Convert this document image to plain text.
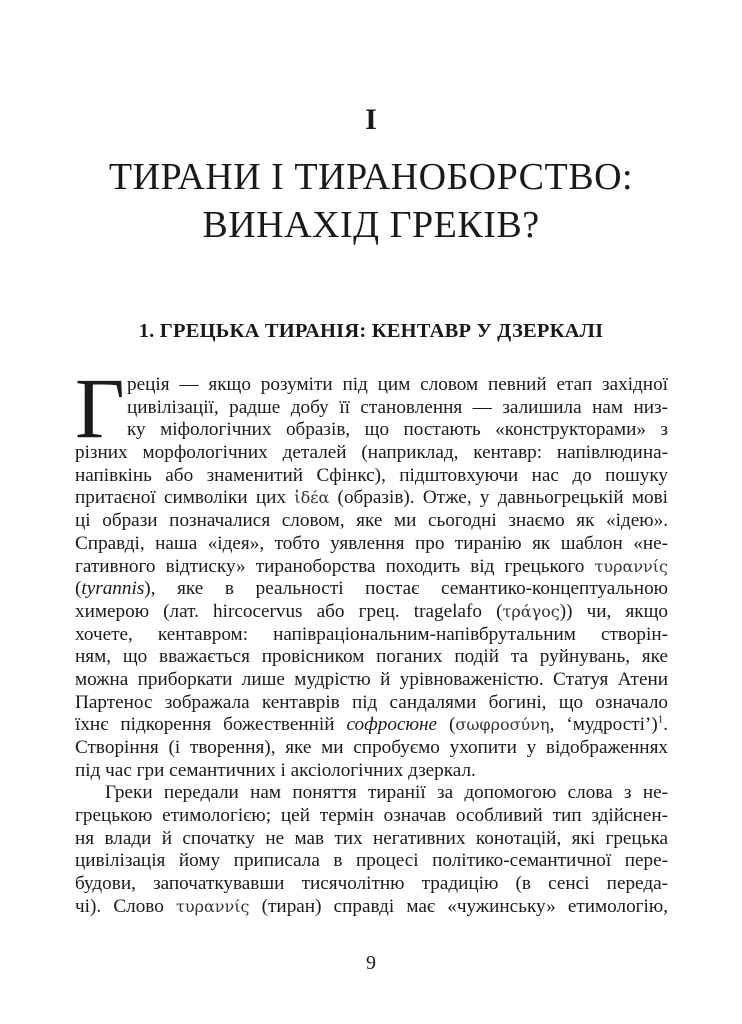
I
ТИРАНИ І ТИРАНОБОРСТВО:
ВИНАХІД ГРЕКІВ?
1. ГРЕЦЬКА ТИРАНІЯ: КЕНТАВР У ДЗЕРКАЛІ
Г реція — якщо розуміти під цим словом певний етап західної
цивілізації, радше добу її становлення — залишила нам низ-
ку міфологічних образів, що постають «конструкторами» з
різних морфологічних деталей (наприклад, кентавр: напівлюдина-
напівкінь або знаменитий Сфінкс), підштовхуючи нас до пошуку
притаєної символіки цих ἰδέα (образів). Отже, у давньогрецькій мові
ці образи позначалися словом, яке ми сьогодні знаємо як «ідею».
Справді, наша «ідея», тобто уявлення про тиранію як шаблон «не-
гативного відтиску» тираноборства походить від грецького τυραννίς
(tyrannis), яке в реальності постає семантико-концептуальною
химерою (лат. hircocervus або грец. tragelafo (τράγος)) чи, якщо
хочете, кентавром: напівраціональним-напівбрутальним створін-
ням, що вважається провісником поганих подій та руйнувань, яке
можна приборкати лише мудрістю й урівноваженістю. Статуя Атени
Партенос зображала кентаврів під сандалями богині, що означало
їхнє підкорення божественній софросюне (σωφροσύνη, ‘мудрості’)$^1$.
Створіння (і творення), яке ми спробуємо ухопити у відображеннях
під час гри семантичних і аксіологічних дзеркал.
Греки передали нам поняття тиранії за допомогою слова з не-
грецькою етимологією; цей термін означав особливий тип здійснен-
ня влади й спочатку не мав тих негативних конотацій, які грецька
цивілізація йому приписала в процесі політико-семантичної пере-
будови, започаткувавши тисячолітню традицію (в сенсі переда-
чі). Слово τυραννίς (тиран) справді має «чужинську» етимологію,
9
